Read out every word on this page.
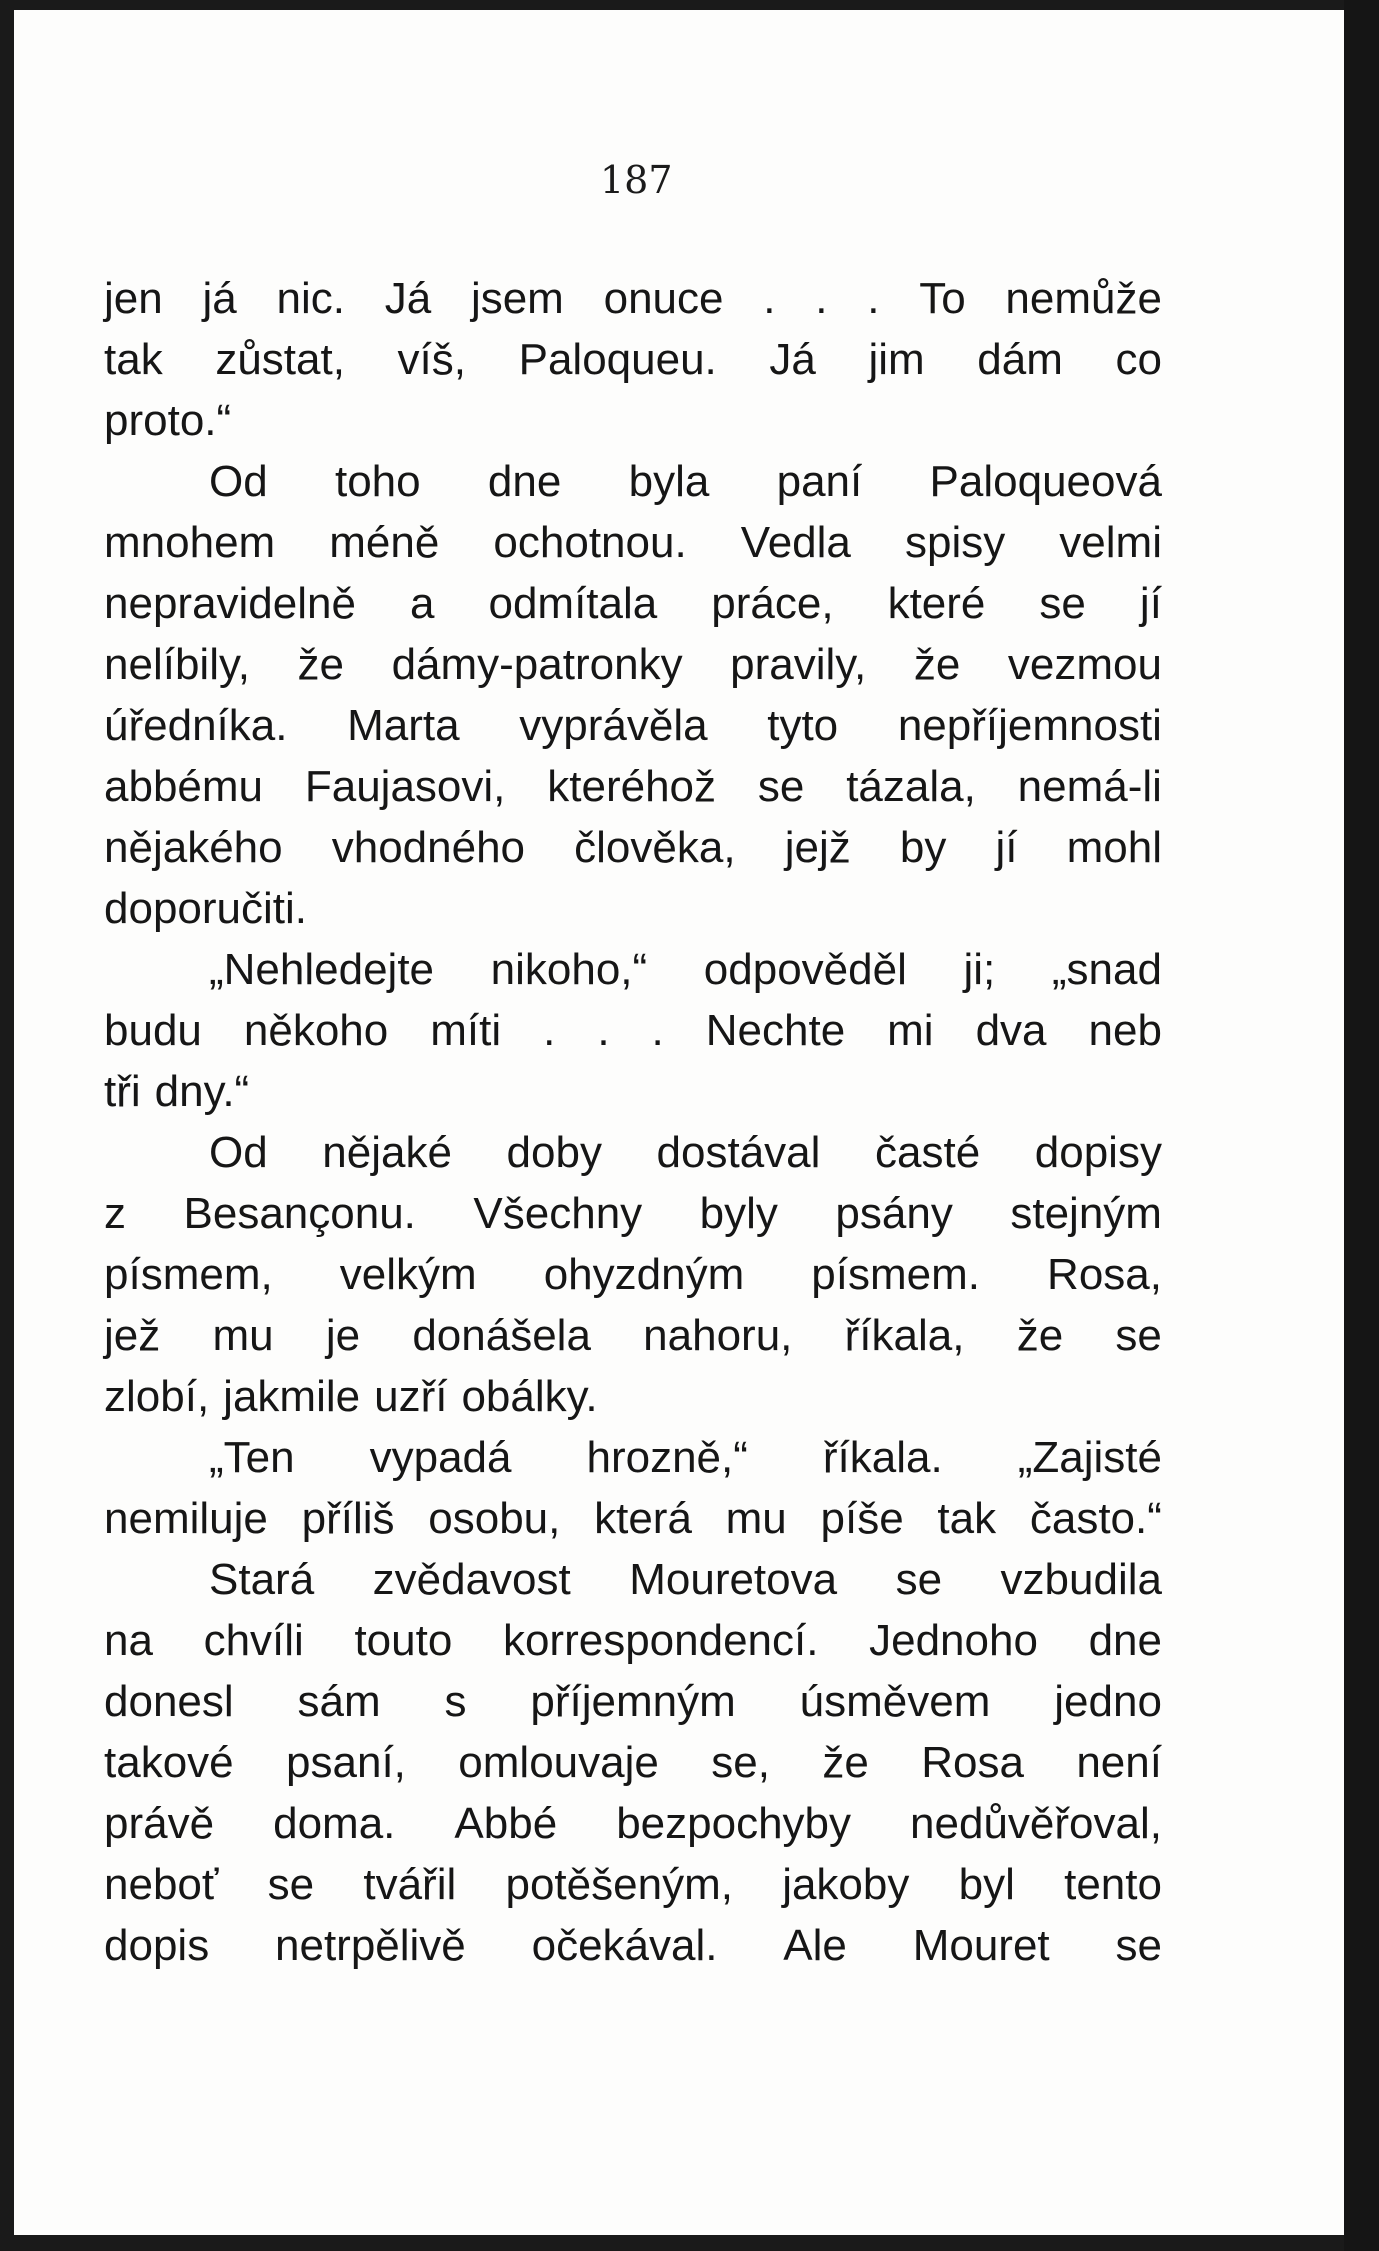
187

jen já nic. Já jsem onuce . . . To nemůže
tak zůstat, víš, Paloqueu. Já jim dám co
proto.“
Od toho dne byla paní Paloqueová
mnohem méně ochotnou. Vedla spisy velmi
nepravidelně a odmítala práce, které se jí
nelíbily, že dámy-patronky pravily, že vezmou
úředníka. Marta vyprávěla tyto nepříjemnosti
abbému Faujasovi, kteréhož se tázala, nemá-li
nějakého vhodného člověka, jejž by jí mohl
doporučiti.
„Nehledejte nikoho,“ odpověděl ji; „snad
budu někoho míti . . . Nechte mi dva neb
tři dny.“
Od nějaké doby dostával časté dopisy
z Besançonu. Všechny byly psány stejným
písmem, velkým ohyzdným písmem. Rosa,
jež mu je donášela nahoru, říkala, že se
zlobí, jakmile uzří obálky.
„Ten vypadá hrozně,“ říkala. „Zajisté
nemiluje příliš osobu, která mu píše tak často.“
Stará zvědavost Mouretova se vzbudila
na chvíli touto korrespondencí. Jednoho dne
donesl sám s příjemným úsměvem jedno
takové psaní, omlouvaje se, že Rosa není
právě doma. Abbé bezpochyby nedůvěřoval,
neboť se tvářil potěšeným, jakoby byl tento
dopis netrpělivě očekával. Ale Mouret se
